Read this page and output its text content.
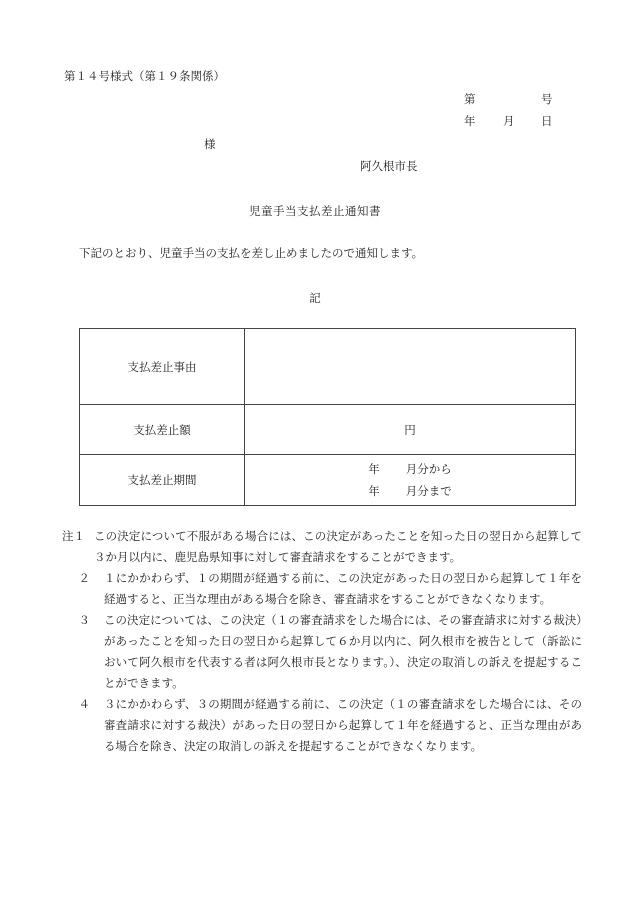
第１４号様式（第１９条関係）
第	号
年 月 日
様
阿久根市長
児童手当支払差止通知書
下記のとおり、児童手当の支払を差し止めましたので通知します。
記
支払差止事由	
支払差止額	円
支払差止期間	年 月分から
年 月分まで
注１ この決定について不服がある場合には、この決定があったことを知った日の翌日から起算して３か月以内に、鹿児島県知事に対して審査請求をすることができます。
２	１にかかわらず、１の期間が経過する前に、この決定があった日の翌日から起算して１年を経過すると、正当な理由がある場合を除き、審査請求をすることができなくなります。
３	この決定については、この決定（１の審査請求をした場合には、その審査請求に対する裁決）があったことを知った日の翌日から起算して６か月以内に、阿久根市を被告として（訴訟において阿久根市を代表する者は阿久根市長となります。）、決定の取消しの訴えを提起することができます。
４	３にかかわらず、３の期間が経過する前に、この決定（１の審査請求をした場合には、その審査請求に対する裁決）があった日の翌日から起算して１年を経過すると、正当な理由がある場合を除き、決定の取消しの訴えを提起することができなくなります。
